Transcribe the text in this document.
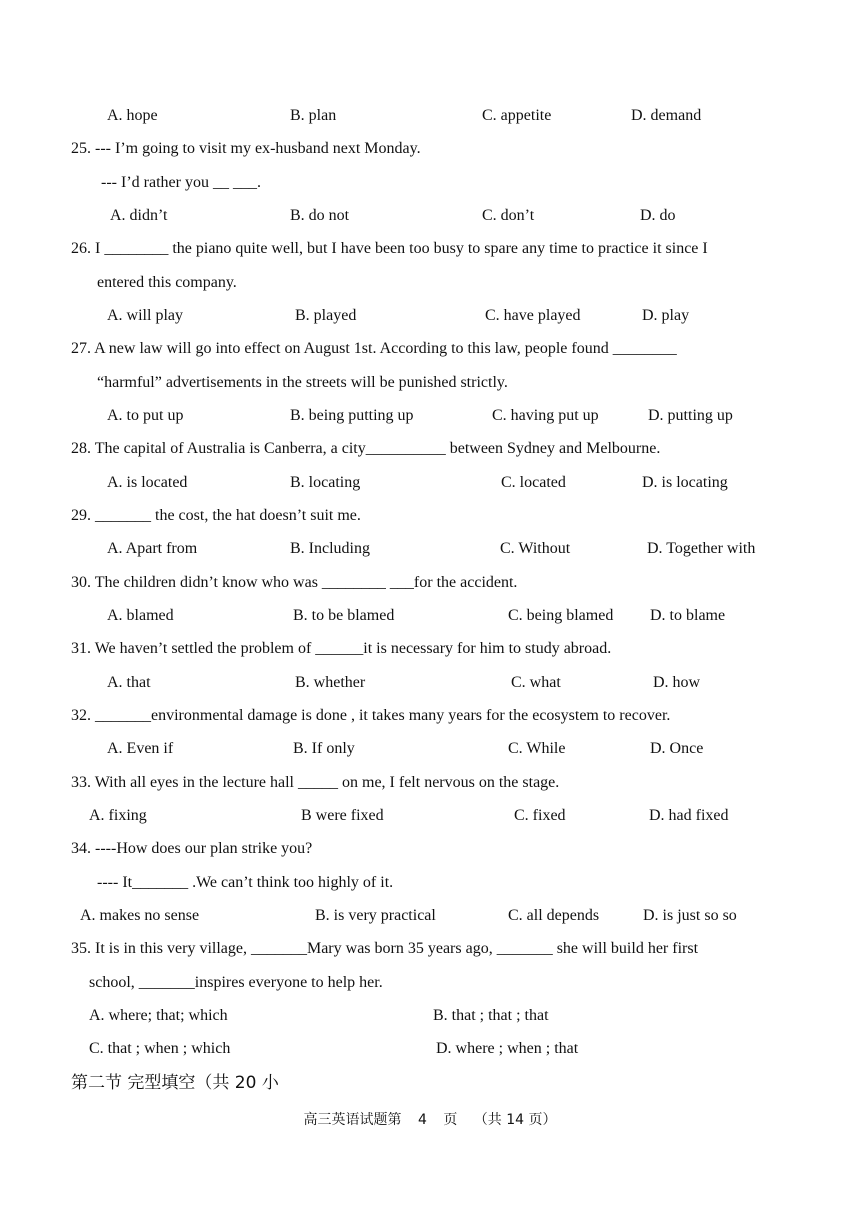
A. hope	B. plan	C. appetite	D. demand
25. --- I’m going to visit my ex-husband next Monday.
--- I’d rather you __ ___.
A. didn’t	B. do not	C. don’t	D. do
26. I ________ the piano quite well, but I have been too busy to spare any time to practice it since I
entered this company.
A. will play	B. played	C. have played	D. play
27. A new law will go into effect on August 1st. According to this law, people found ________
“harmful” advertisements in the streets will be punished strictly.
A. to put up	B. being putting up	C. having put up	D. putting up
28. The capital of Australia is Canberra, a city__________ between Sydney and Melbourne.
A. is located	B. locating	C. located	D. is locating
29. _______ the cost, the hat doesn’t suit me.
A. Apart from	B. Including	C. Without	D. Together with
30. The children didn’t know who was ________ ___for the accident.
A. blamed	B. to be blamed	C. being blamed D. to blame
31. We haven’t settled the problem of ______it is necessary for him to study abroad.
A. that	B. whether	C. what	D. how
32. _______environmental damage is done , it takes many years for the ecosystem to recover.
A. Even if	B. If only	C. While	D. Once
33. With all eyes in the lecture hall _____ on me, I felt nervous on the stage.
A. fixing	B were fixed	C. fixed	D. had fixed
34. ----How does our plan strike you?
---- It_______ .We can’t think too highly of it.
A. makes no sense	B. is very practical	C. all depends	D. is just so so
35. It is in this very village, _______Mary was born 35 years ago, _______ she will build her first
school, _______inspires everyone to help her.
A. where; that; which	B. that ; that ; that
C. that ; when ; which	D. where ; when ; that
第二节 完型填空（共 20 小
高三英语试题第 4 页 （共 14 页）
